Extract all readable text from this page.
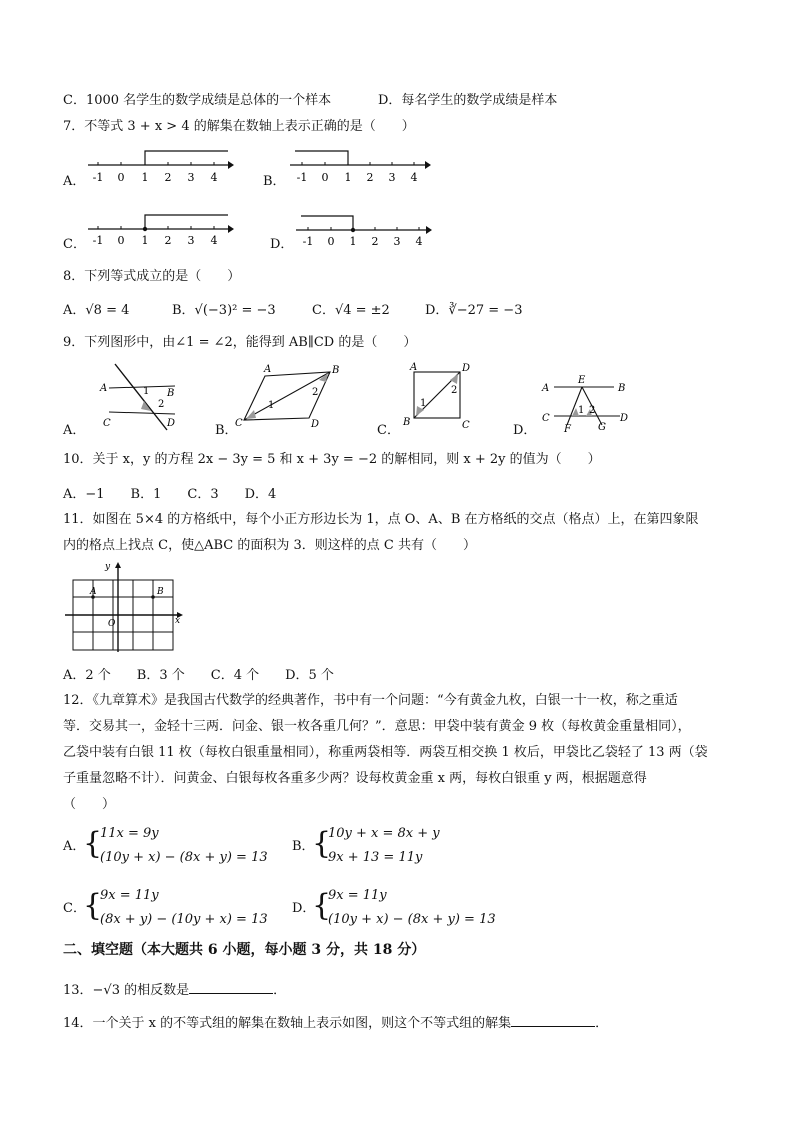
C．1000 名学生的数学成绩是总体的一个样本	D．每名学生的数学成绩是样本
7．不等式 3 + x > 4 的解集在数轴上表示正确的是（　　）
A． -1 0 1 2 3 4	B． -1 0 1 2 3 4
C． -1 0 1 2 3 4	D． -1 0 1 2 3 4
8．下列等式成立的是（　　）
A．√8 = 4	B．√(−3)² = −3	C．√4 = ±2	D．∛−27 = −3
9．下列图形中，由∠1 = ∠2，能得到 AB∥CD 的是（　　）
A．
A	B
C	D
1
2
B．
A	B
C	D
1
2
C．
A	D
B	C
1
2
D．
A	B
C	D
E
F	G
1 2
10．关于 x，y 的方程 2x − 3y = 5 和 x + 3y = −2 的解相同，则 x + 2y 的值为（　　）
A．−1　　B．1　　C．3　　D．4
11．如图在 5×4 的方格纸中，每个小正方形边长为 1，点 O、A、B 在方格纸的交点（格点）上，在第四象限
内的格点上找点 C，使△ABC 的面积为 3．则这样的点 C 共有（　　）
y
x
A	B
O
A．2 个　　B．3 个　　C．4 个　　D．5 个
12．《九章算术》是我国古代数学的经典著作，书中有一个问题：“今有黄金九枚，白银一十一枚，称之重适
等．交易其一，金轻十三两．问金、银一枚各重几何？”．意思：甲袋中装有黄金 9 枚（每枚黄金重量相同），
乙袋中装有白银 11 枚（每枚白银重量相同），称重两袋相等．两袋互相交换 1 枚后，甲袋比乙袋轻了 13 两（袋
子重量忽略不计）．问黄金、白银每枚各重多少两？设每枚黄金重 x 两，每枚白银重 y 两，根据题意得
（　　）
A．
{
11x = 9y
(10y + x) − (8x + y) = 13
B．
{
10y + x = 8x + y
9x + 13 = 11y
C．
{
9x = 11y
(8x + y) − (10y + x) = 13
D．
{
9x = 11y
(10y + x) − (8x + y) = 13
二、填空题（本大题共 6 小题，每小题 3 分，共 18 分）
13．−√3 的相反数是	．
14．一个关于 x 的不等式组的解集在数轴上表示如图，则这个不等式组的解集	．
